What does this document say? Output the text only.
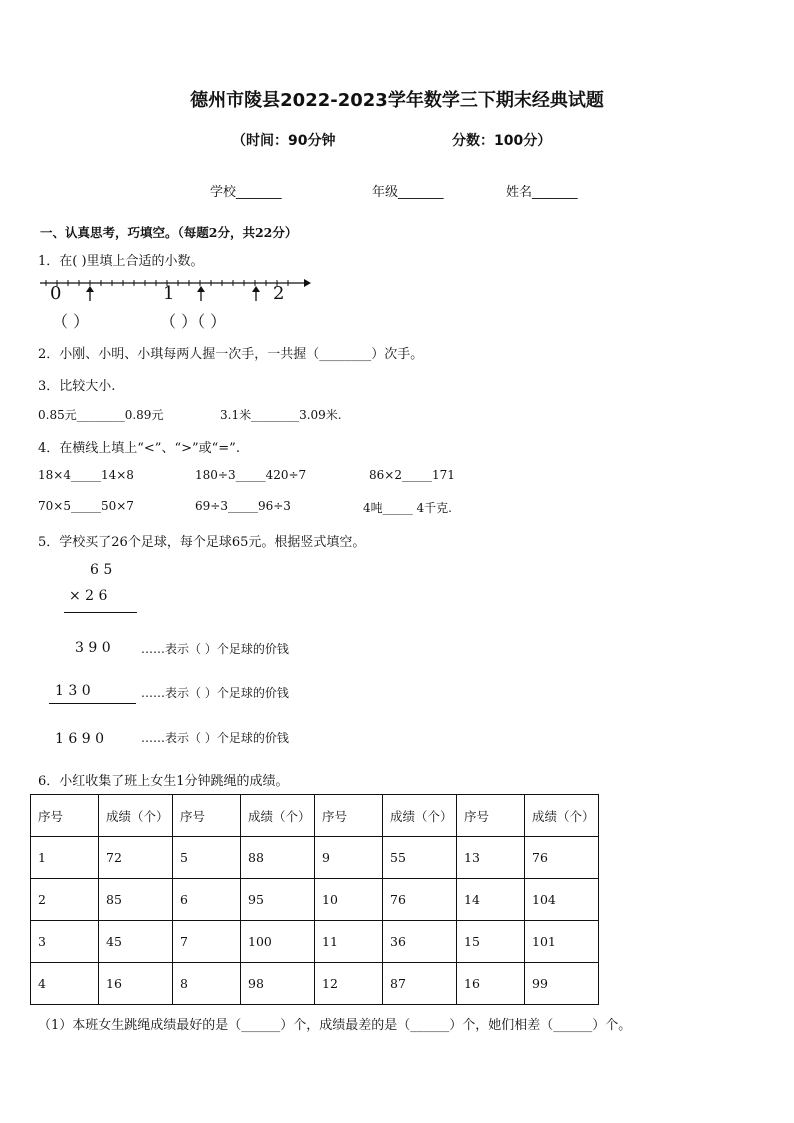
德州市陵县2022-2023学年数学三下期末经典试题
（时间：90分钟	分数：100分）
学校_______	年级_______	姓名_______
一、认真思考，巧填空。（每题2分，共22分）
1．在( )里填上合适的小数。
0	1	2
（ ）	（ ）（ ）
2．小刚、小明、小琪每两人握一次手，一共握（________）次手。
3．比较大小.
0.85元________0.89元	3.1米________3.09米.
4．在横线上填上“<”、“>”或“=”.
18×4_____14×8	180÷3_____420÷7	86×2_____171
70×5_____50×7	69÷3_____96÷3	4吨_____ 4千克.
5．学校买了26个足球，每个足球65元。根据竖式填空。
6 5
× 2 6
3 9 0	……表示（ ）个足球的价钱
1 3 0	……表示（ ）个足球的价钱
1 6 9 0	……表示（ ）个足球的价钱
6．小红收集了班上女生1分钟跳绳的成绩。
序号	成绩（个）	序号	成绩（个）	序号	成绩（个）	序号	成绩（个）
1	72	5	88	9	55	13	76
2	85	6	95	10	76	14	104
3	45	7	100	11	36	15	101
4	16	8	98	12	87	16	99
（1）本班女生跳绳成绩最好的是（______）个，成绩最差的是（______）个，她们相差（______）个。
